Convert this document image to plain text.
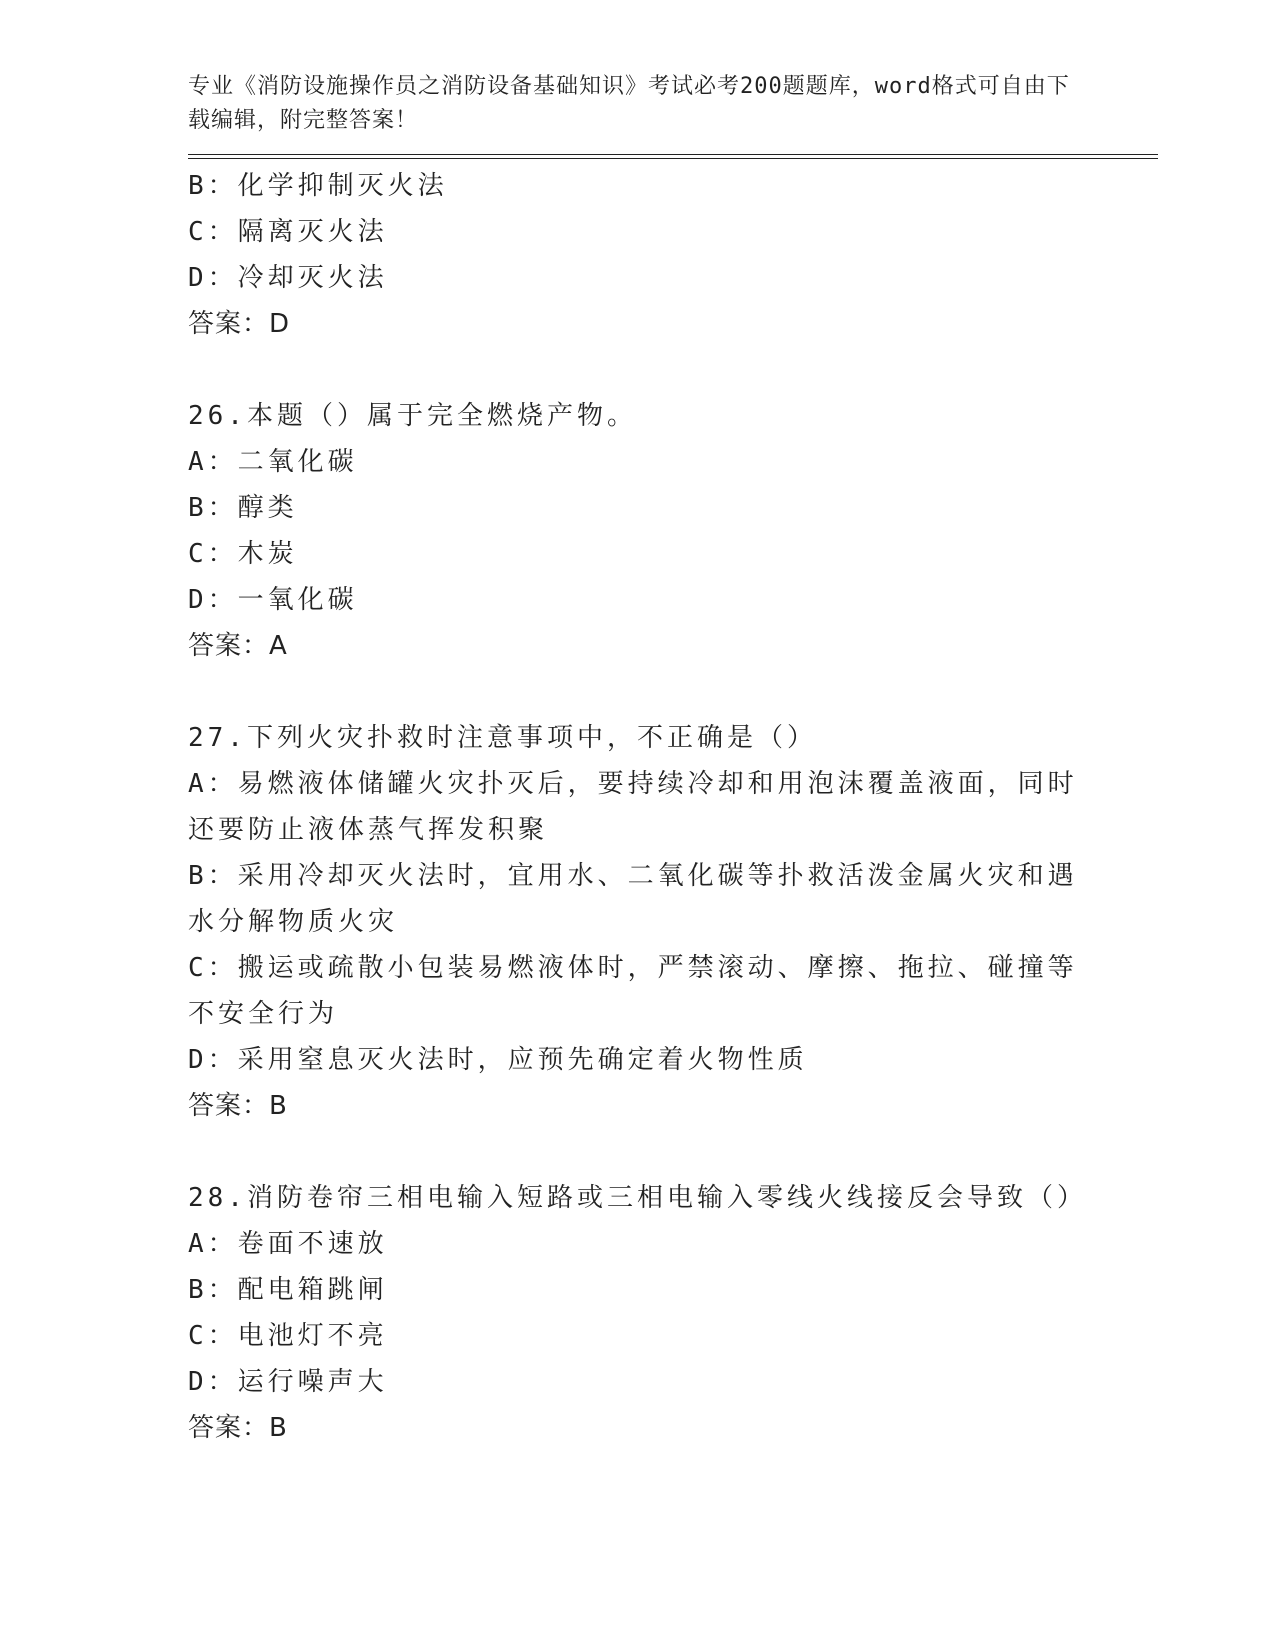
专业《消防设施操作员之消防设备基础知识》考试必考200题题库，word格式可自由下载编辑，附完整答案！
B：化学抑制灭火法
C：隔离灭火法
D：冷却灭火法
答案：D
26.本题（）属于完全燃烧产物。
A：二氧化碳
B：醇类
C：木炭
D：一氧化碳
答案：A
27.下列火灾扑救时注意事项中，不正确是（）
A：易燃液体储罐火灾扑灭后，要持续冷却和用泡沫覆盖液面，同时还要防止液体蒸气挥发积聚
B：采用冷却灭火法时，宜用水、二氧化碳等扑救活泼金属火灾和遇水分解物质火灾
C：搬运或疏散小包装易燃液体时，严禁滚动、摩擦、拖拉、碰撞等不安全行为
D：采用窒息灭火法时，应预先确定着火物性质
答案：B
28.消防卷帘三相电输入短路或三相电输入零线火线接反会导致（）
A：卷面不速放
B：配电箱跳闸
C：电池灯不亮
D：运行噪声大
答案：B
